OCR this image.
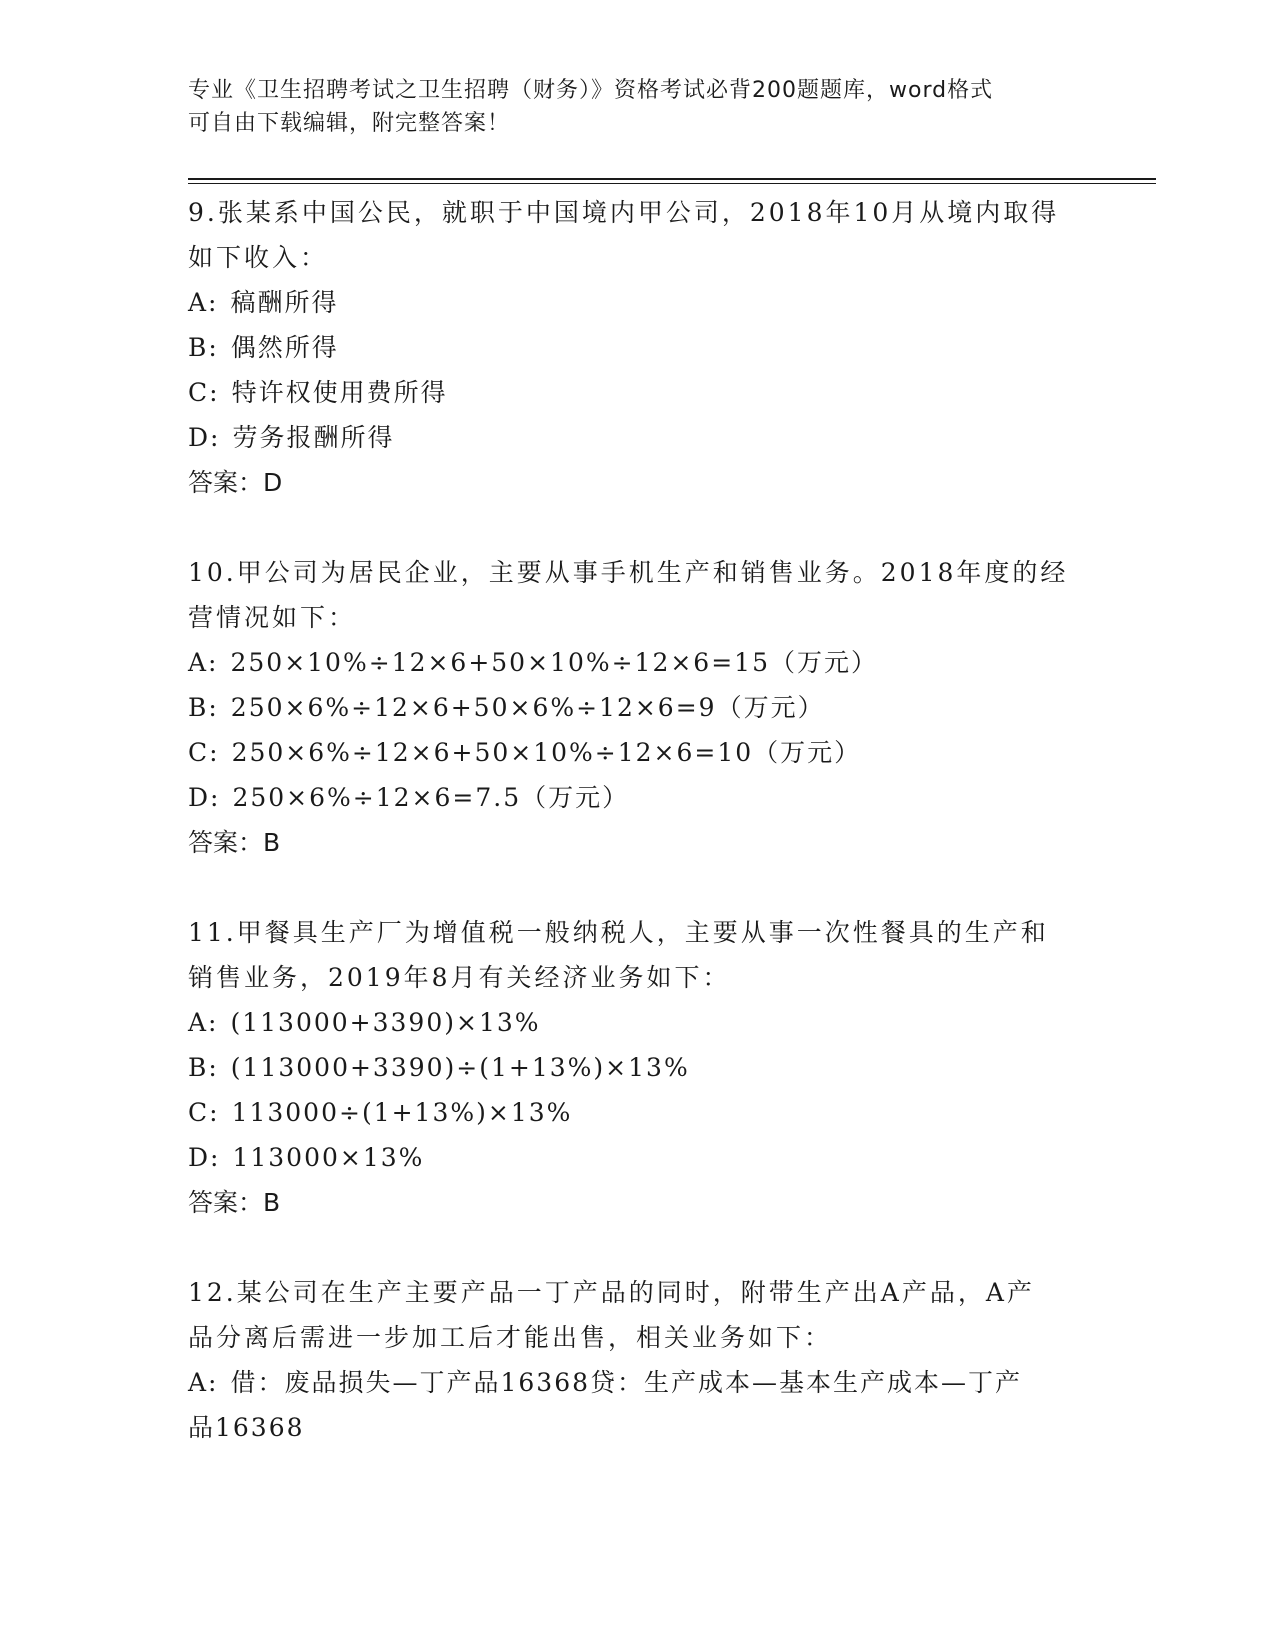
专业《卫生招聘考试之卫生招聘（财务）》资格考试必背200题题库，word格式
可自由下载编辑，附完整答案！

9.张某系中国公民，就职于中国境内甲公司，2018年10月从境内取得
如下收入：

A: 稿酬所得

B: 偶然所得

C: 特许权使用费所得

D: 劳务报酬所得

答案：D

10.甲公司为居民企业，主要从事手机生产和销售业务。2018年度的经
营情况如下：

A: 250×10%÷12×6+50×10%÷12×6=15（万元）

B: 250×6%÷12×6+50×6%÷12×6=9（万元）

C: 250×6%÷12×6+50×10%÷12×6=10（万元）

D: 250×6%÷12×6=7.5（万元）

答案：B

11.甲餐具生产厂为增值税一般纳税人，主要从事一次性餐具的生产和
销售业务，2019年8月有关经济业务如下：

A: (113000+3390)×13%

B: (113000+3390)÷(1+13%)×13%

C: 113000÷(1+13%)×13%

D: 113000×13%

答案：B

12.某公司在生产主要产品一丁产品的同时，附带生产出A产品，A产
品分离后需进一步加工后才能出售，相关业务如下：

A: 借：废品损失—丁产品16368贷：生产成本—基本生产成本—丁产

品16368
